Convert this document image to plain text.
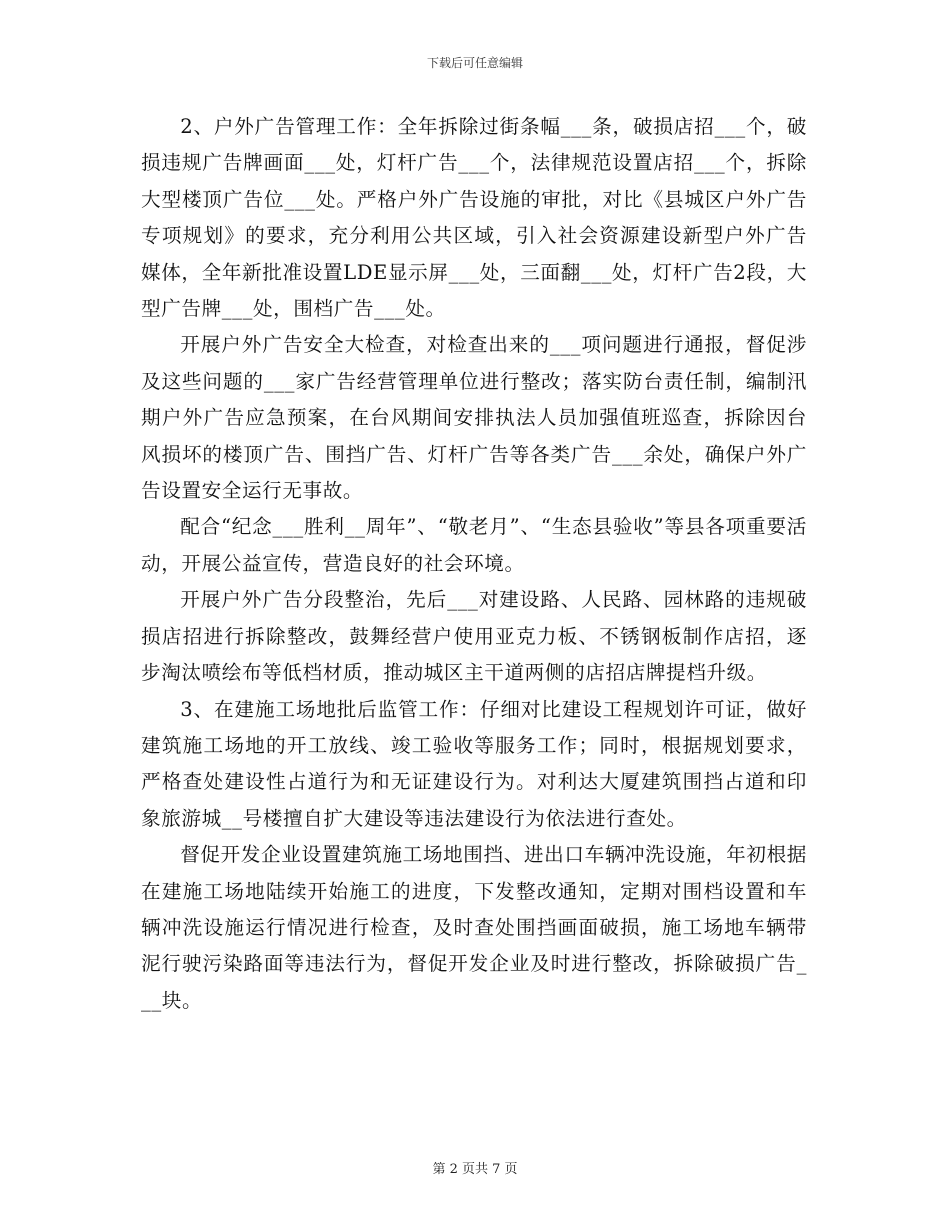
下载后可任意编辑

2、户外广告管理工作：全年拆除过街条幅___条，破损店招___个，破损违规广告牌画面___处，灯杆广告___个，法律规范设置店招___个，拆除大型楼顶广告位___处。严格户外广告设施的审批，对比《县城区户外广告专项规划》的要求，充分利用公共区域，引入社会资源建设新型户外广告媒体，全年新批准设置LDE显示屏___处，三面翻___处，灯杆广告2段，大型广告牌___处，围档广告___处。

开展户外广告安全大检查，对检查出来的___项问题进行通报，督促涉及这些问题的___家广告经营管理单位进行整改；落实防台责任制，编制汛期户外广告应急预案，在台风期间安排执法人员加强值班巡查，拆除因台风损坏的楼顶广告、围挡广告、灯杆广告等各类广告___余处，确保户外广告设置安全运行无事故。

配合“纪念___胜利__周年”、“敬老月”、“生态县验收”等县各项重要活动，开展公益宣传，营造良好的社会环境。

开展户外广告分段整治，先后___对建设路、人民路、园林路的违规破损店招进行拆除整改，鼓舞经营户使用亚克力板、不锈钢板制作店招，逐步淘汰喷绘布等低档材质，推动城区主干道两侧的店招店牌提档升级。

3、在建施工场地批后监管工作：仔细对比建设工程规划许可证，做好建筑施工场地的开工放线、竣工验收等服务工作；同时，根据规划要求，严格查处建设性占道行为和无证建设行为。对利达大厦建筑围挡占道和印象旅游城__号楼擅自扩大建设等违法建设行为依法进行查处。

督促开发企业设置建筑施工场地围挡、进出口车辆冲洗设施，年初根据在建施工场地陆续开始施工的进度，下发整改通知，定期对围档设置和车辆冲洗设施运行情况进行检查，及时查处围挡画面破损，施工场地车辆带泥行驶污染路面等违法行为，督促开发企业及时进行整改，拆除破损广告___块。

第 2 页共 7 页
